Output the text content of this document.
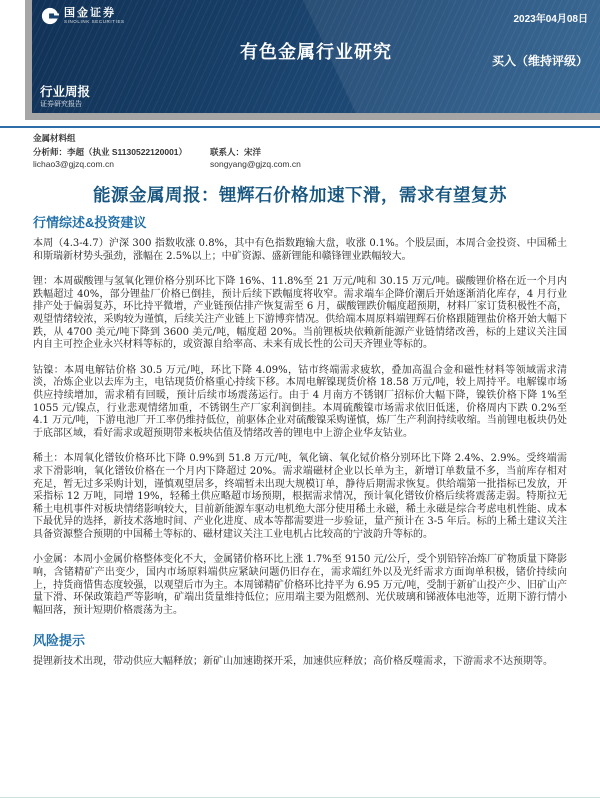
国金证券
SINOLINK SECURITIES	2023年04月08日
有色金属行业研究	买入（维持评级）
行业周报
证券研究报告
金属材料组
分析师：李超（执业 S1130522120001）
lichao3@gjzq.com.cn
联系人：宋洋
songyang@gjzq.com.cn
能源金属周报：锂辉石价格加速下滑，需求有望复苏
行情综述&投资建议

本周（4.3-4.7）沪深 300 指数收涨 0.8%，其中有色指数跑输大盘，收涨 0.1%。个股层面，本周合金投资、中国稀土和斯瑞新材势头强劲，涨幅在 2.5%以上；中矿资源、盛新锂能和赣锋锂业跌幅较大。

锂：本周碳酸锂与氢氧化锂价格分别环比下降 16%、11.8%至 21 万元/吨和 30.15 万元/吨。碳酸锂价格在近一个月内跌幅超过 40%，部分锂盐厂价格已倒挂，预计后续下跌幅度将收窄。需求端车企降价潮后开始逐渐消化库存，4 月行业排产处于偏弱复苏，环比持平微增，产业链预估排产恢复需至 6 月，碳酸锂跌价幅度超预期，材料厂家订货积极性不高，观望情绪较浓，采购较为谨慎，后续关注产业链上下游博弈情况。供给端本周原料端锂辉石价格跟随锂盐价格开始大幅下跌，从 4700 美元/吨下降到 3600 美元/吨，幅度超 20%。当前锂板块依赖新能源产业链情绪改善，标的上建议关注国内自主可控企业永兴材料等标的，或资源自给率高、未来有成长性的公司天齐锂业等标的。

钴镍：本周电解钴价格 30.5 万元/吨，环比下降 4.09%，钴市终端需求疲软，叠加高温合金和磁性材料等领域需求清淡，冶炼企业以去库为主，电钴现货价格重心持续下移。本周电解镍现货价格 18.58 万元/吨，较上周持平。电解镍市场供应持续增加，需求稍有回暖，预计后续市场震荡运行。由于 4 月南方不锈钢厂招标价大幅下降，镍铁价格下降 1%至 1055 元/镍点，行业悲观情绪加重，不锈钢生产厂家利润倒挂。本周硫酸镍市场需求依旧低迷，价格周内下跌 0.2%至 4.1 万元/吨，下游电池厂开工率仍维持低位，前驱体企业对硫酸镍采购谨慎，炼厂生产利润持续收缩。当前锂电板块仍处于底部区域，看好需求或超预期带来板块估值及情绪改善的锂电中上游企业华友钴业。

稀土：本周氧化镨钕价格环比下降 0.9%到 51.8 万元/吨，氧化镝、氧化铽价格分别环比下降 2.4%、2.9%。受终端需求下滑影响，氧化镨钕价格在一个月内下降超过 20%。需求端磁材企业以长单为主，新增订单数量不多，当前库存相对充足，暂无过多采购计划，谨慎观望居多，终端暂未出现大规模订单，静待后期需求恢复。供给端第一批指标已发放，开采指标 12 万吨，同增 19%，轻稀土供应略超市场预期，根据需求情况，预计氧化镨钕价格后续将震荡走弱。特斯拉无稀土电机事件对板块情绪影响较大，目前新能源车驱动电机绝大部分使用稀土永磁，稀土永磁是综合考虑电机性能、成本下最优异的选择，新技术落地时间、产业化进度、成本等都需要进一步验证，量产预计在 3-5 年后。标的上稀土建议关注具备资源整合预期的中国稀土等标的、磁材建议关注工业电机占比较高的宁波韵升等标的。

小金属：本周小金属价格整体变化不大，金属锗价格环比上涨 1.7%至 9150 元/公斤，受个别铅锌冶炼厂矿物质量下降影响，含锗精矿产出变少，国内市场原料端供应紧缺问题仍旧存在，需求端红外以及光纤需求方面询单积极，锗价持续向上，持货商惜售态度较强，以观望后市为主。本周锑精矿价格环比持平为 6.95 万元/吨，受制于新矿山投产少、旧矿山产量下滑、环保政策趋严等影响，矿端出货量维持低位；应用端主要为阻燃剂、光伏玻璃和锑液体电池等，近期下游行情小幅回落，预计短期价格震荡为主。

风险提示

提锂新技术出现，带动供应大幅释放；新矿山加速勘探开采，加速供应释放；高价格反噬需求，下游需求不达预期等。
